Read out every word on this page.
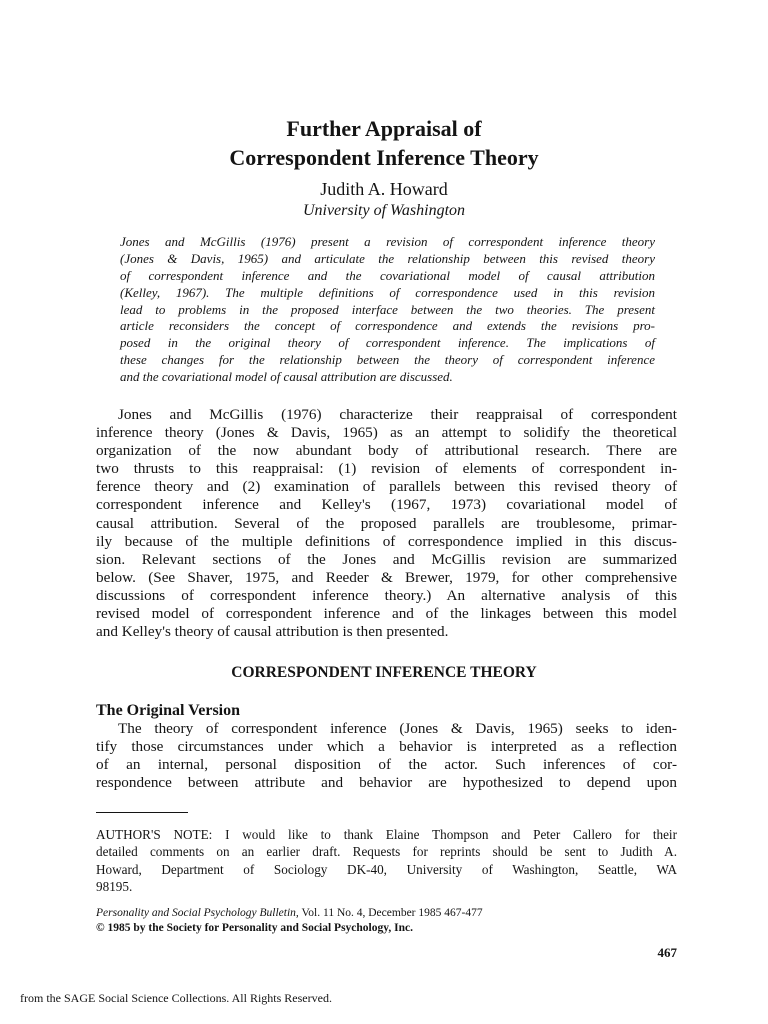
Further Appraisal of
Correspondent Inference Theory
Judith A. Howard
University of Washington
Jones and McGillis (1976) present a revision of correspondent inference theory
(Jones & Davis, 1965) and articulate the relationship between this revised theory
of correspondent inference and the covariational model of causal attribution
(Kelley, 1967). The multiple definitions of correspondence used in this revision
lead to problems in the proposed interface between the two theories. The present
article reconsiders the concept of correspondence and extends the revisions pro-
posed in the original theory of correspondent inference. The implications of
these changes for the relationship between the theory of correspondent inference
and the covariational model of causal attribution are discussed.
Jones and McGillis (1976) characterize their reappraisal of correspondent
inference theory (Jones & Davis, 1965) as an attempt to solidify the theoretical
organization of the now abundant body of attributional research. There are
two thrusts to this reappraisal: (1) revision of elements of correspondent in-
ference theory and (2) examination of parallels between this revised theory of
correspondent inference and Kelley's (1967, 1973) covariational model of
causal attribution. Several of the proposed parallels are troublesome, primar-
ily because of the multiple definitions of correspondence implied in this discus-
sion. Relevant sections of the Jones and McGillis revision are summarized
below. (See Shaver, 1975, and Reeder & Brewer, 1979, for other comprehensive
discussions of correspondent inference theory.) An alternative analysis of this
revised model of correspondent inference and of the linkages between this model
and Kelley's theory of causal attribution is then presented.
CORRESPONDENT INFERENCE THEORY
The Original Version
The theory of correspondent inference (Jones & Davis, 1965) seeks to iden-
tify those circumstances under which a behavior is interpreted as a reflection
of an internal, personal disposition of the actor. Such inferences of cor-
respondence between attribute and behavior are hypothesized to depend upon
AUTHOR'S NOTE: I would like to thank Elaine Thompson and Peter Callero for their
detailed comments on an earlier draft. Requests for reprints should be sent to Judith A.
Howard, Department of Sociology DK-40, University of Washington, Seattle, WA
98195.
Personality and Social Psychology Bulletin, Vol. 11 No. 4, December 1985 467-477
© 1985 by the Society for Personality and Social Psychology, Inc.
467
from the SAGE Social Science Collections. All Rights Reserved.
